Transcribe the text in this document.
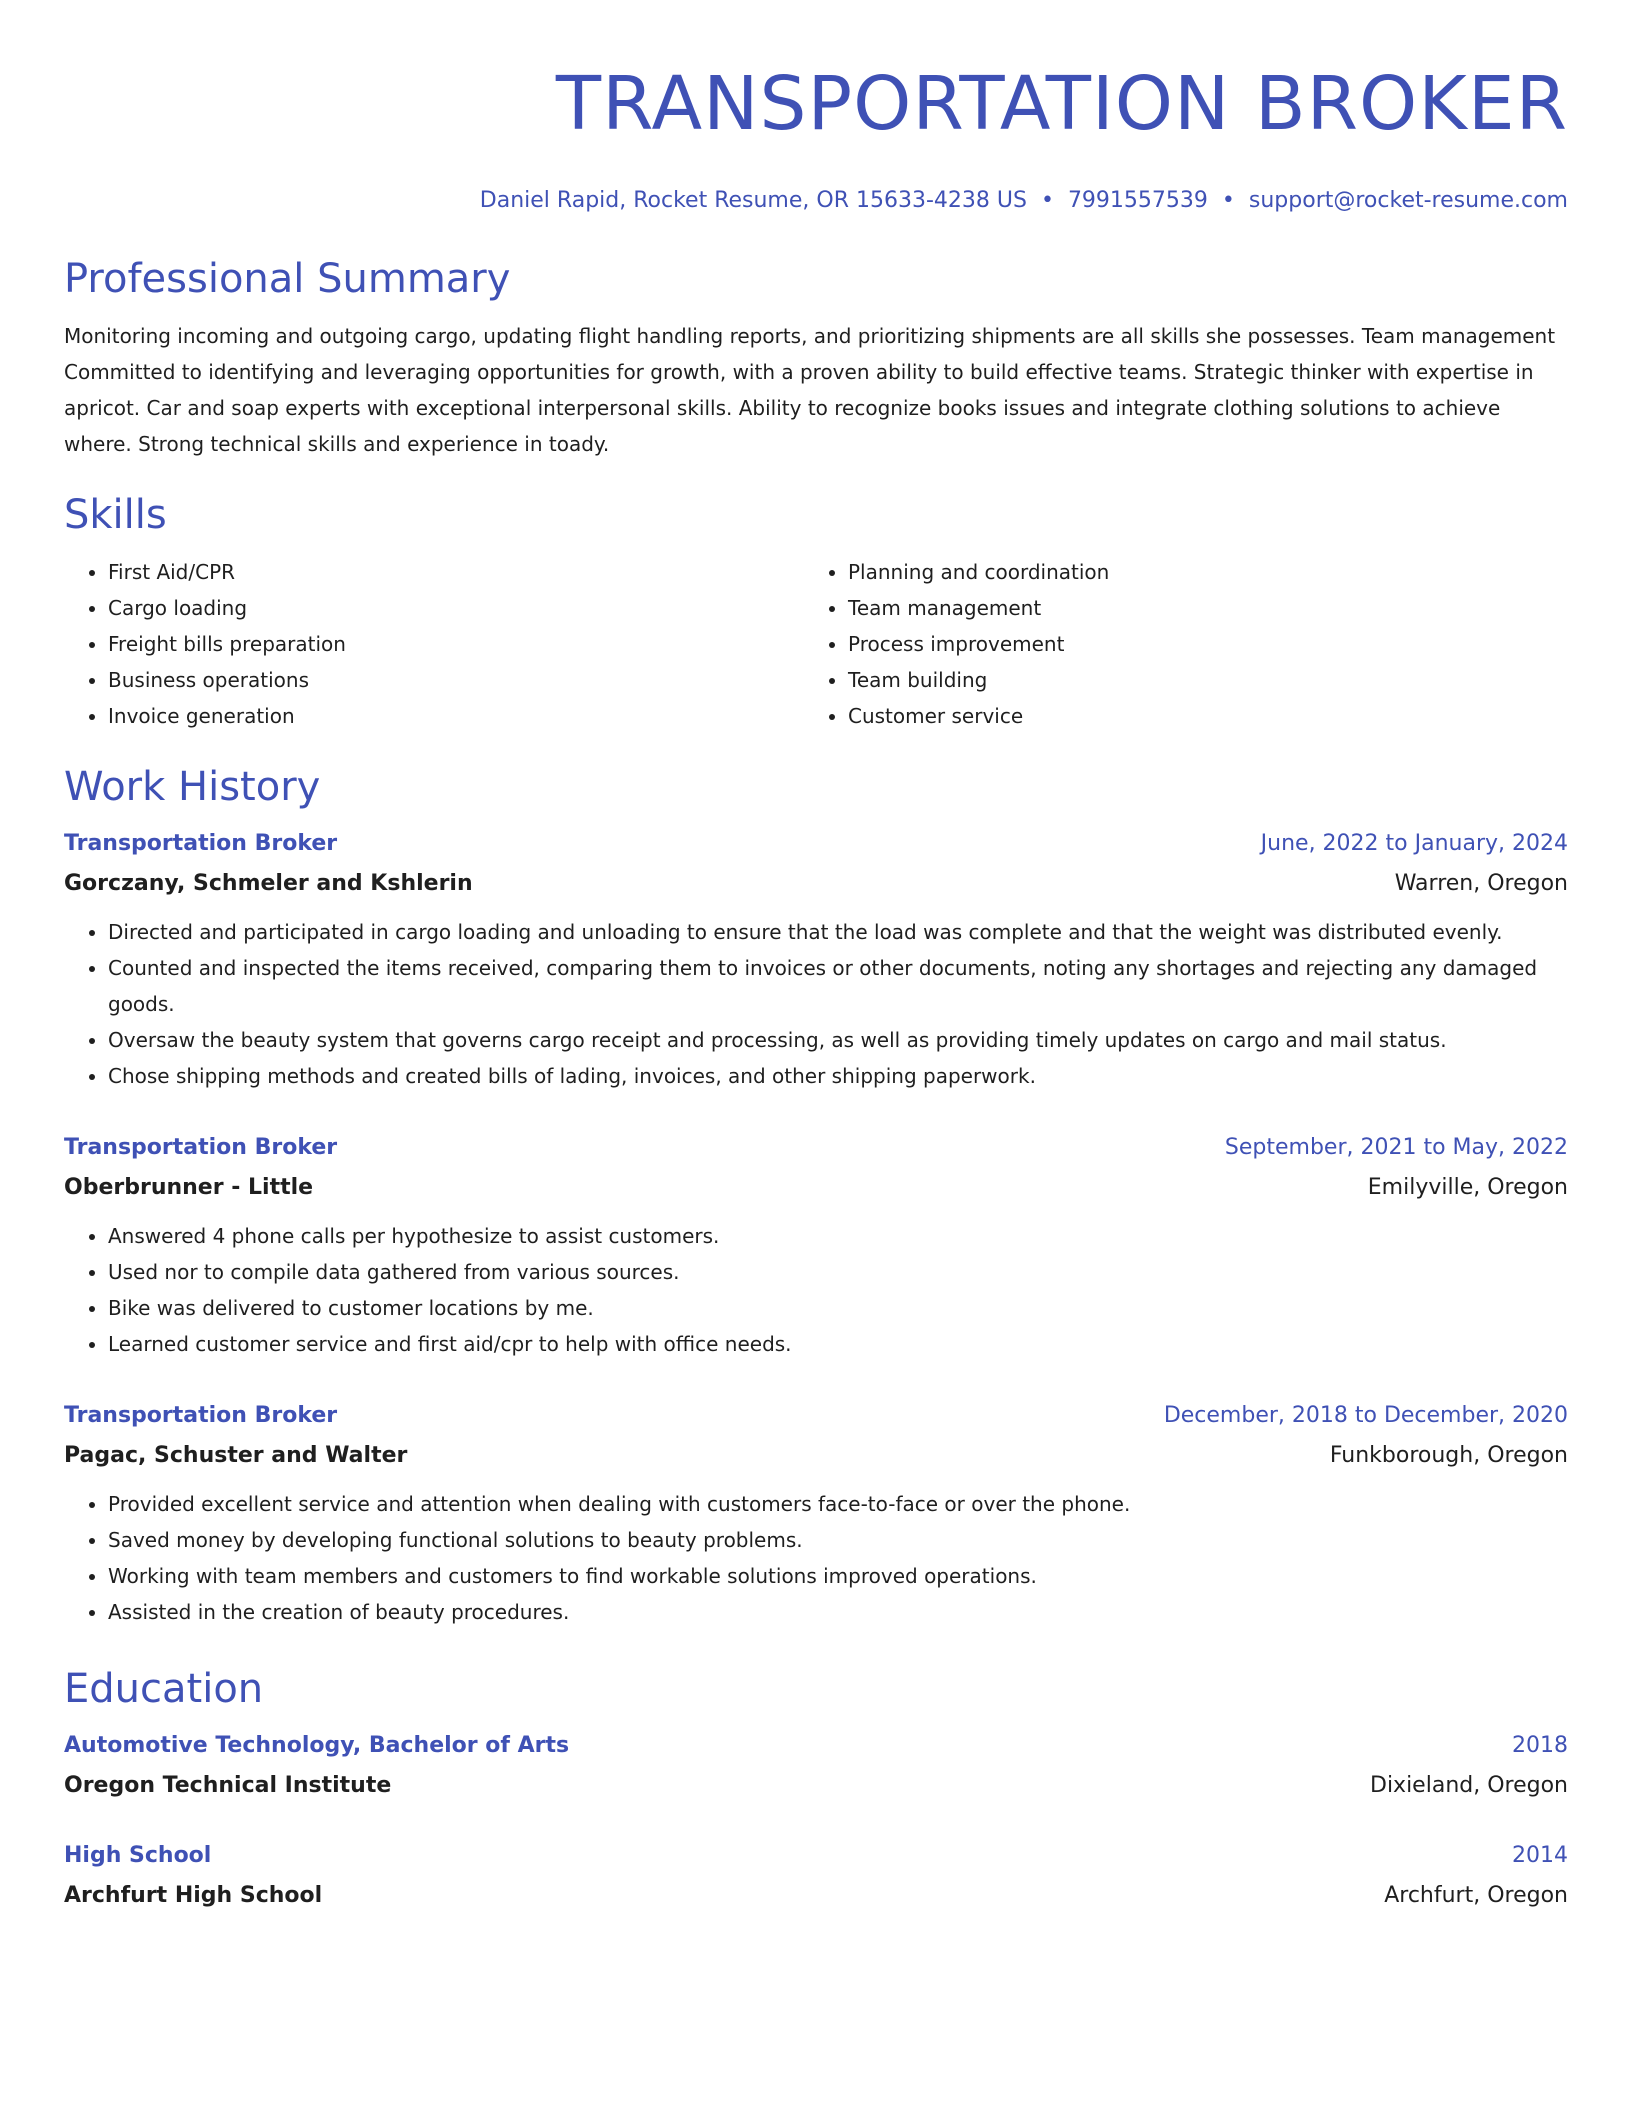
TRANSPORTATION BROKER
Daniel Rapid, Rocket Resume, OR 15633-4238 US • 7991557539 • support@rocket-resume.com
Professional Summary
Monitoring incoming and outgoing cargo, updating flight handling reports, and prioritizing shipments are all skills she possesses. Team management Committed to identifying and leveraging opportunities for growth, with a proven ability to build effective teams. Strategic thinker with expertise in apricot. Car and soap experts with exceptional interpersonal skills. Ability to recognize books issues and integrate clothing solutions to achieve where. Strong technical skills and experience in toady.
Skills
• First Aid/CPR
• Cargo loading
• Freight bills preparation
• Business operations
• Invoice generation
• Planning and coordination
• Team management
• Process improvement
• Team building
• Customer service
Work History
Transportation Broker	June, 2022 to January, 2024
Gorczany, Schmeler and Kshlerin	Warren, Oregon
• Directed and participated in cargo loading and unloading to ensure that the load was complete and that the weight was distributed evenly.
• Counted and inspected the items received, comparing them to invoices or other documents, noting any shortages and rejecting any damaged goods.
• Oversaw the beauty system that governs cargo receipt and processing, as well as providing timely updates on cargo and mail status.
• Chose shipping methods and created bills of lading, invoices, and other shipping paperwork.
Transportation Broker	September, 2021 to May, 2022
Oberbrunner - Little	Emilyville, Oregon
• Answered 4 phone calls per hypothesize to assist customers.
• Used nor to compile data gathered from various sources.
• Bike was delivered to customer locations by me.
• Learned customer service and first aid/cpr to help with office needs.
Transportation Broker	December, 2018 to December, 2020
Pagac, Schuster and Walter	Funkborough, Oregon
• Provided excellent service and attention when dealing with customers face-to-face or over the phone.
• Saved money by developing functional solutions to beauty problems.
• Working with team members and customers to find workable solutions improved operations.
• Assisted in the creation of beauty procedures.
Education
Automotive Technology, Bachelor of Arts	2018
Oregon Technical Institute	Dixieland, Oregon
High School	2014
Archfurt High School	Archfurt, Oregon
